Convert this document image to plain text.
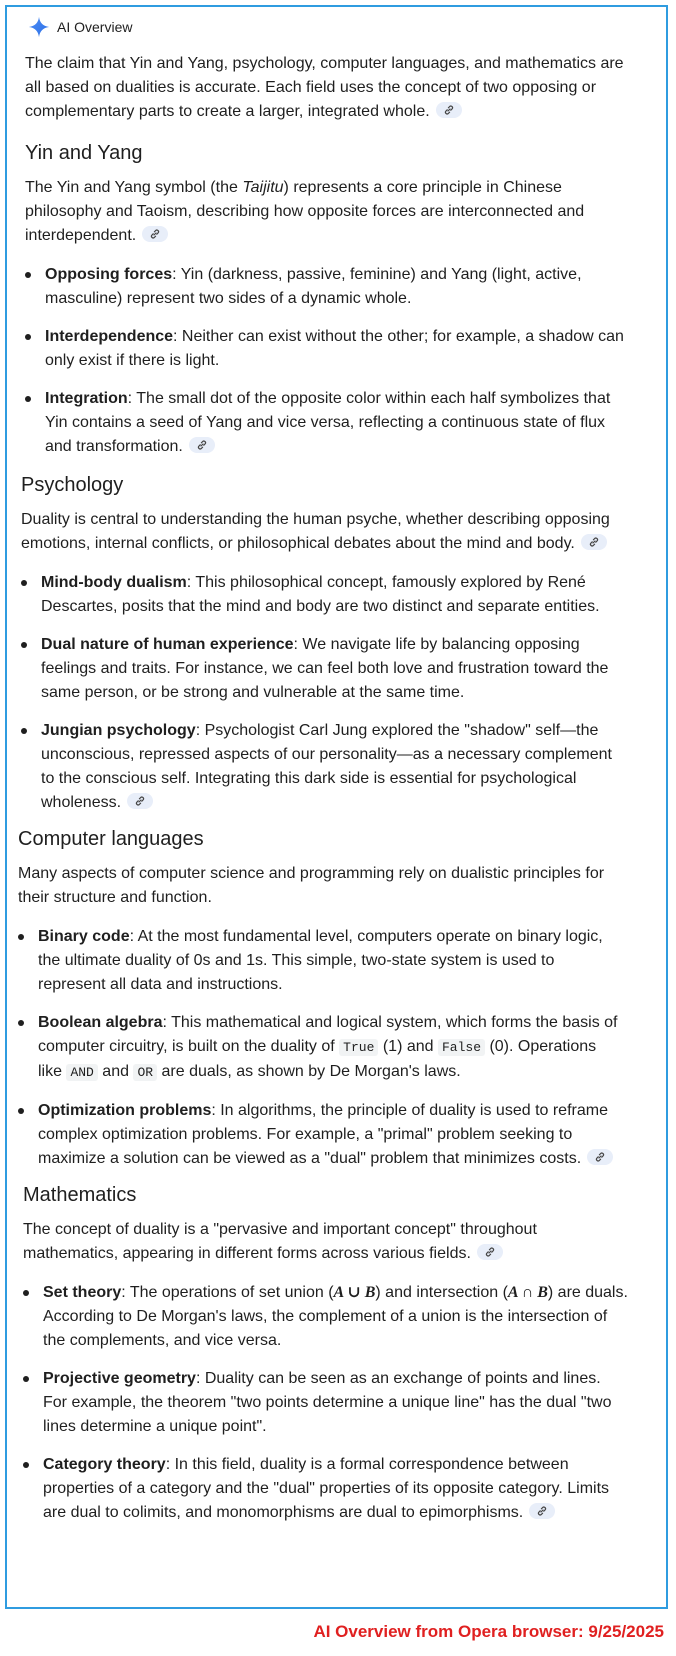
AI Overview

The claim that Yin and Yang, psychology, computer languages, and mathematics are all based on dualities is accurate. Each field uses the concept of two opposing or complementary parts to create a larger, integrated whole.

Yin and Yang

The Yin and Yang symbol (the Taijitu) represents a core principle in Chinese philosophy and Taoism, describing how opposite forces are interconnected and interdependent.

Opposing forces: Yin (darkness, passive, feminine) and Yang (light, active, masculine) represent two sides of a dynamic whole.
Interdependence: Neither can exist without the other; for example, a shadow can only exist if there is light.
Integration: The small dot of the opposite color within each half symbolizes that Yin contains a seed of Yang and vice versa, reflecting a continuous state of flux and transformation.
Psychology

Duality is central to understanding the human psyche, whether describing opposing emotions, internal conflicts, or philosophical debates about the mind and body.

Mind-body dualism: This philosophical concept, famously explored by René Descartes, posits that the mind and body are two distinct and separate entities.
Dual nature of human experience: We navigate life by balancing opposing feelings and traits. For instance, we can feel both love and frustration toward the same person, or be strong and vulnerable at the same time.
Jungian psychology: Psychologist Carl Jung explored the "shadow" self—the unconscious, repressed aspects of our personality—as a necessary complement to the conscious self. Integrating this dark side is essential for psychological wholeness.
Computer languages

Many aspects of computer science and programming rely on dualistic principles for their structure and function.

Binary code: At the most fundamental level, computers operate on binary logic, the ultimate duality of 0s and 1s. This simple, two-state system is used to represent all data and instructions.
Boolean algebra: This mathematical and logical system, which forms the basis of computer circuitry, is built on the duality of True (1) and False (0). Operations like AND and OR are duals, as shown by De Morgan's laws.
Optimization problems: In algorithms, the principle of duality is used to reframe complex optimization problems. For example, a "primal" problem seeking to maximize a solution can be viewed as a "dual" problem that minimizes costs.
Mathematics

The concept of duality is a "pervasive and important concept" throughout mathematics, appearing in different forms across various fields.

Set theory: The operations of set union (A ∪ B) and intersection (A ∩ B) are duals. According to De Morgan's laws, the complement of a union is the intersection of the complements, and vice versa.
Projective geometry: Duality can be seen as an exchange of points and lines. For example, the theorem "two points determine a unique line" has the dual "two lines determine a unique point".
Category theory: In this field, duality is a formal correspondence between properties of a category and the "dual" properties of its opposite category. Limits are dual to colimits, and monomorphisms are dual to epimorphisms.
AI Overview from Opera browser: 9/25/2025
